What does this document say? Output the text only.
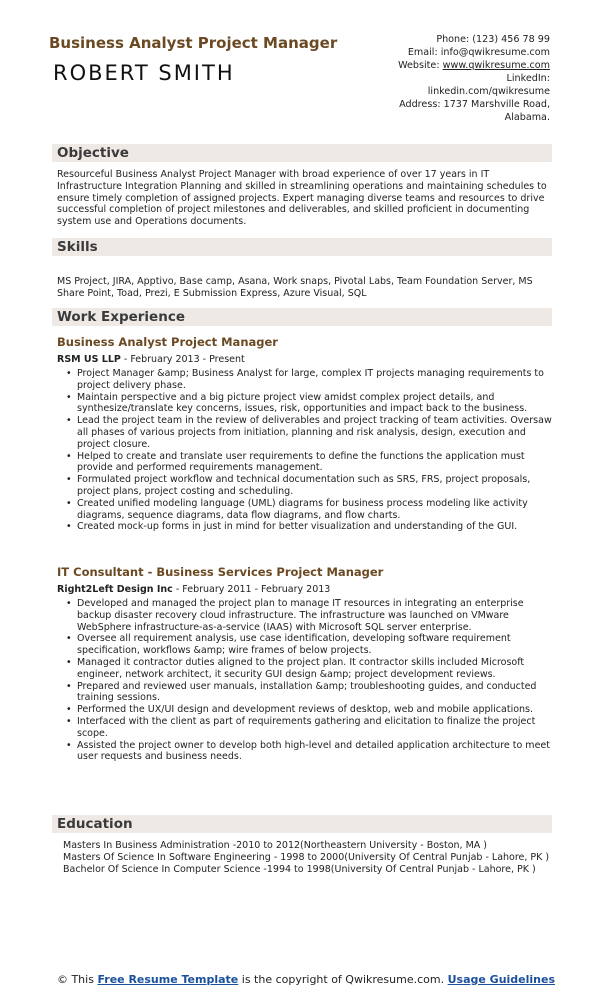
Business Analyst Project Manager
ROBERT SMITH
Phone: (123) 456 78 99
Email: info@qwikresume.com
Website: www.qwikresume.com
LinkedIn:
linkedin.com/qwikresume
Address: 1737 Marshville Road,
Alabama.
Objective
Resourceful Business Analyst Project Manager with broad experience of over 17 years in IT Infrastructure Integration Planning and skilled in streamlining operations and maintaining schedules to ensure timely completion of assigned projects. Expert managing diverse teams and resources to drive successful completion of project milestones and deliverables, and skilled proficient in documenting system use and Operations documents.
Skills
MS Project, JIRA, Apptivo, Base camp, Asana, Work snaps, Pivotal Labs, Team Foundation Server, MS Share Point, Toad, Prezi, E Submission Express, Azure Visual, SQL
Work Experience
Business Analyst Project Manager
RSM US LLP - February 2013 - Present
• Project Manager &amp; Business Analyst for large, complex IT projects managing requirements to project delivery phase.
• Maintain perspective and a big picture project view amidst complex project details, and synthesize/translate key concerns, issues, risk, opportunities and impact back to the business.
• Lead the project team in the review of deliverables and project tracking of team activities. Oversaw all phases of various projects from initiation, planning and risk analysis, design, execution and project closure.
• Helped to create and translate user requirements to define the functions the application must provide and performed requirements management.
• Formulated project workflow and technical documentation such as SRS, FRS, project proposals, project plans, project costing and scheduling.
• Created unified modeling language (UML) diagrams for business process modeling like activity diagrams, sequence diagrams, data flow diagrams, and flow charts.
• Created mock-up forms in just in mind for better visualization and understanding of the GUI.
IT Consultant - Business Services Project Manager
Right2Left Design Inc - February 2011 - February 2013
• Developed and managed the project plan to manage IT resources in integrating an enterprise backup disaster recovery cloud infrastructure. The infrastructure was launched on VMware WebSphere infrastructure-as-a-service (IAAS) with Microsoft SQL server enterprise.
• Oversee all requirement analysis, use case identification, developing software requirement specification, workflows &amp; wire frames of below projects.
• Managed it contractor duties aligned to the project plan. It contractor skills included Microsoft engineer, network architect, it security GUI design &amp; project development reviews.
• Prepared and reviewed user manuals, installation &amp; troubleshooting guides, and conducted training sessions.
• Performed the UX/UI design and development reviews of desktop, web and mobile applications.
• Interfaced with the client as part of requirements gathering and elicitation to finalize the project scope.
• Assisted the project owner to develop both high-level and detailed application architecture to meet user requests and business needs.
Education
Masters In Business Administration -2010 to 2012(Northeastern University - Boston, MA )
Masters Of Science In Software Engineering - 1998 to 2000(University Of Central Punjab - Lahore, PK )
Bachelor Of Science In Computer Science -1994 to 1998(University Of Central Punjab - Lahore, PK )
© This Free Resume Template is the copyright of Qwikresume.com. Usage Guidelines
